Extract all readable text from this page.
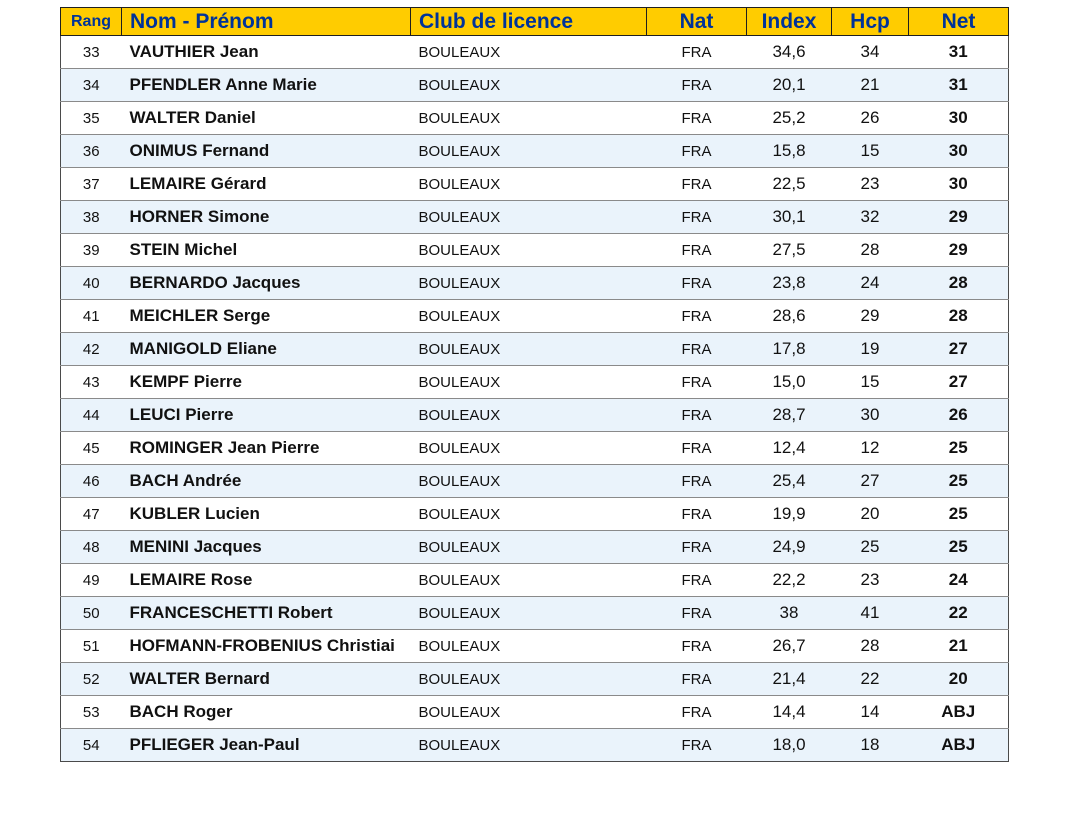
Rang	Nom - Prénom	Club de licence	Nat	Index	Hcp	Net
33	VAUTHIER Jean	BOULEAUX	FRA	34,6	34	31
34	PFENDLER Anne Marie	BOULEAUX	FRA	20,1	21	31
35	WALTER Daniel	BOULEAUX	FRA	25,2	26	30
36	ONIMUS Fernand	BOULEAUX	FRA	15,8	15	30
37	LEMAIRE Gérard	BOULEAUX	FRA	22,5	23	30
38	HORNER Simone	BOULEAUX	FRA	30,1	32	29
39	STEIN Michel	BOULEAUX	FRA	27,5	28	29
40	BERNARDO Jacques	BOULEAUX	FRA	23,8	24	28
41	MEICHLER Serge	BOULEAUX	FRA	28,6	29	28
42	MANIGOLD Eliane	BOULEAUX	FRA	17,8	19	27
43	KEMPF Pierre	BOULEAUX	FRA	15,0	15	27
44	LEUCI Pierre	BOULEAUX	FRA	28,7	30	26
45	ROMINGER Jean Pierre	BOULEAUX	FRA	12,4	12	25
46	BACH Andrée	BOULEAUX	FRA	25,4	27	25
47	KUBLER Lucien	BOULEAUX	FRA	19,9	20	25
48	MENINI Jacques	BOULEAUX	FRA	24,9	25	25
49	LEMAIRE Rose	BOULEAUX	FRA	22,2	23	24
50	FRANCESCHETTI Robert	BOULEAUX	FRA	38	41	22
51	HOFMANN-FROBENIUS Christiai	BOULEAUX	FRA	26,7	28	21
52	WALTER Bernard	BOULEAUX	FRA	21,4	22	20
53	BACH Roger	BOULEAUX	FRA	14,4	14	ABJ
54	PFLIEGER Jean-Paul	BOULEAUX	FRA	18,0	18	ABJ
